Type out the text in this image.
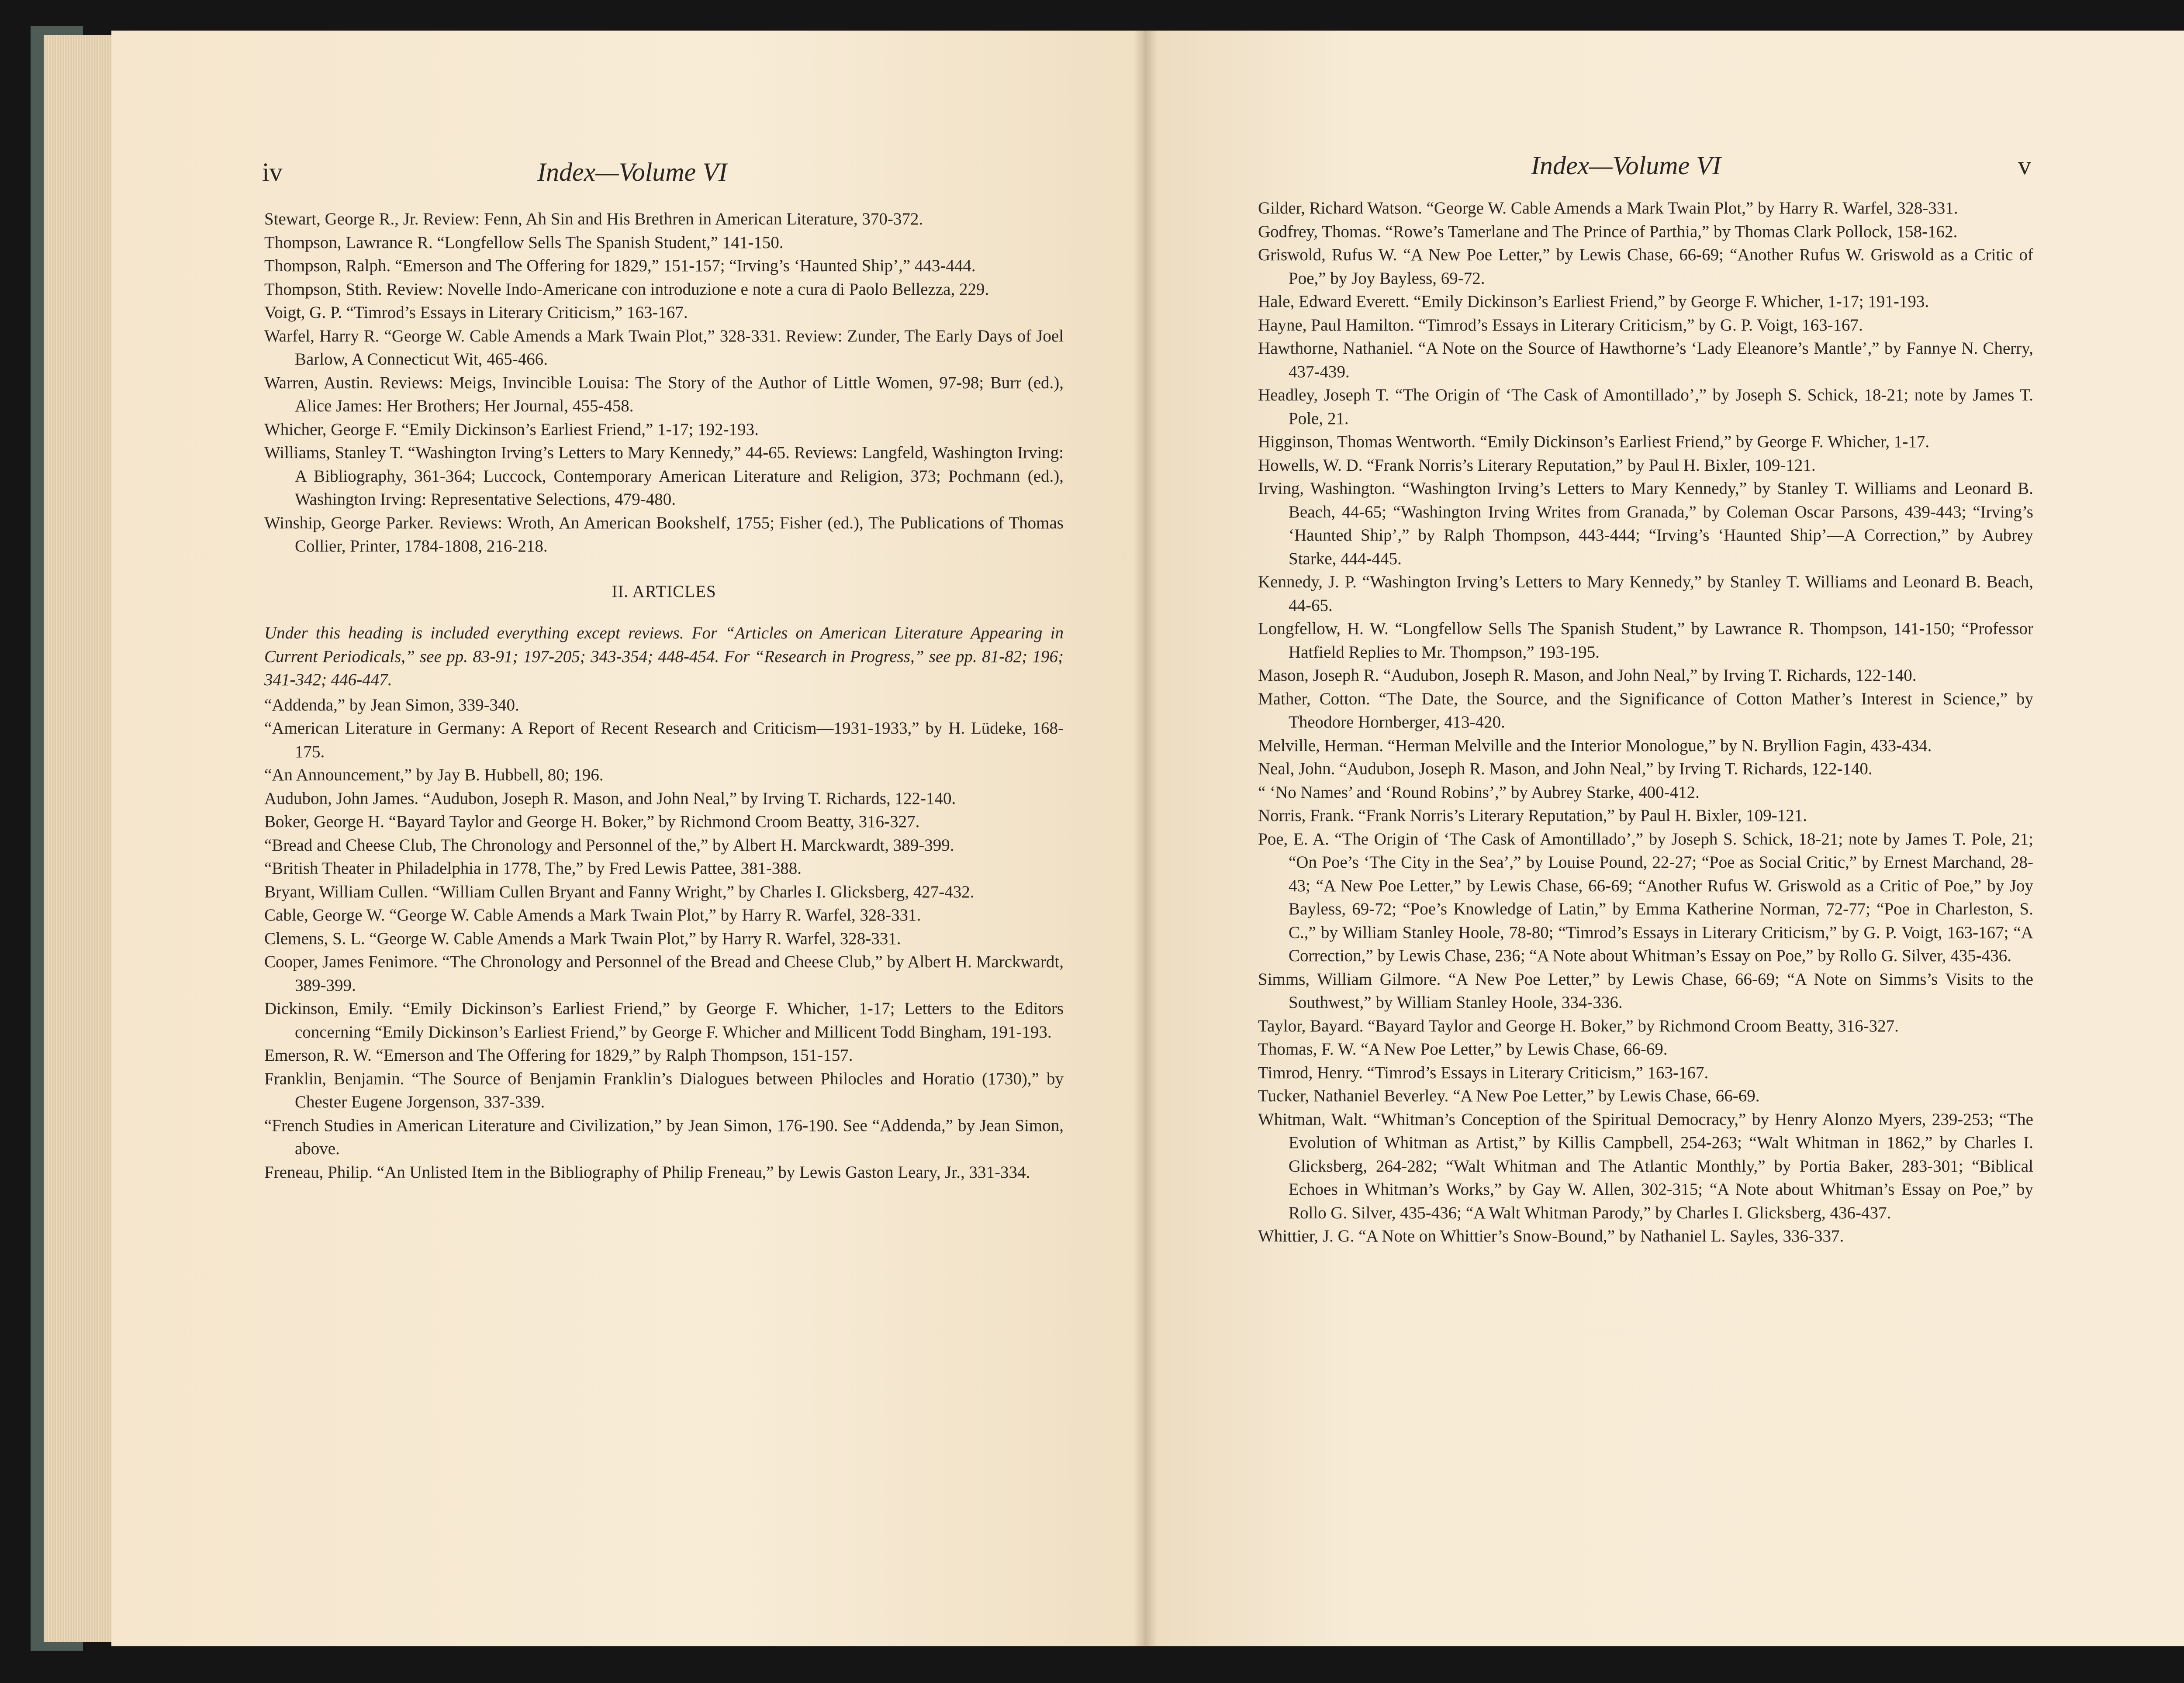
iv	Index—Volume VI

Stewart, George R., Jr. Review: Fenn, Ah Sin and His Brethren in American Literature, 370-372.

Thompson, Lawrance R. “Longfellow Sells The Spanish Student,” 141-150.

Thompson, Ralph. “Emerson and The Offering for 1829,” 151-157; “Irving’s ‘Haunted Ship’,” 443-444.

Thompson, Stith. Review: Novelle Indo-Americane con introduzione e note a cura di Paolo Bellezza, 229.

Voigt, G. P. “Timrod’s Essays in Literary Criticism,” 163-167.

Warfel, Harry R. “George W. Cable Amends a Mark Twain Plot,” 328-331. Review: Zunder, The Early Days of Joel Barlow, A Connecticut Wit, 465-466.

Warren, Austin. Reviews: Meigs, Invincible Louisa: The Story of the Author of Little Women, 97-98; Burr (ed.), Alice James: Her Brothers; Her Journal, 455-458.

Whicher, George F. “Emily Dickinson’s Earliest Friend,” 1-17; 192-193.

Williams, Stanley T. “Washington Irving’s Letters to Mary Kennedy,” 44-65. Reviews: Langfeld, Washington Irving: A Bibliography, 361-364; Luccock, Contemporary American Literature and Religion, 373; Pochmann (ed.), Washington Irving: Representative Selections, 479-480.

Winship, George Parker. Reviews: Wroth, An American Bookshelf, 1755; Fisher (ed.), The Publications of Thomas Collier, Printer, 1784-1808, 216-218.

II. ARTICLES

Under this heading is included everything except reviews. For “Articles on American Literature Appearing in Current Periodicals,” see pp. 83-91; 197-205; 343-354; 448-454. For “Research in Progress,” see pp. 81-82; 196; 341-342; 446-447.

“Addenda,” by Jean Simon, 339-340.

“American Literature in Germany: A Report of Recent Research and Criticism—1931-1933,” by H. Lüdeke, 168-175.

“An Announcement,” by Jay B. Hubbell, 80; 196.

Audubon, John James. “Audubon, Joseph R. Mason, and John Neal,” by Irving T. Richards, 122-140.

Boker, George H. “Bayard Taylor and George H. Boker,” by Richmond Croom Beatty, 316-327.

“Bread and Cheese Club, The Chronology and Personnel of the,” by Albert H. Marckwardt, 389-399.

“British Theater in Philadelphia in 1778, The,” by Fred Lewis Pattee, 381-388.

Bryant, William Cullen. “William Cullen Bryant and Fanny Wright,” by Charles I. Glicksberg, 427-432.

Cable, George W. “George W. Cable Amends a Mark Twain Plot,” by Harry R. Warfel, 328-331.

Clemens, S. L. “George W. Cable Amends a Mark Twain Plot,” by Harry R. Warfel, 328-331.

Cooper, James Fenimore. “The Chronology and Personnel of the Bread and Cheese Club,” by Albert H. Marckwardt, 389-399.

Dickinson, Emily. “Emily Dickinson’s Earliest Friend,” by George F. Whicher, 1-17; Letters to the Editors concerning “Emily Dickinson’s Earliest Friend,” by George F. Whicher and Millicent Todd Bingham, 191-193.

Emerson, R. W. “Emerson and The Offering for 1829,” by Ralph Thompson, 151-157.

Franklin, Benjamin. “The Source of Benjamin Franklin’s Dialogues between Philocles and Horatio (1730),” by Chester Eugene Jorgenson, 337-339.

“French Studies in American Literature and Civilization,” by Jean Simon, 176-190. See “Addenda,” by Jean Simon, above.

Freneau, Philip. “An Unlisted Item in the Bibliography of Philip Freneau,” by Lewis Gaston Leary, Jr., 331-334.

Index—Volume VI	v

Gilder, Richard Watson. “George W. Cable Amends a Mark Twain Plot,” by Harry R. Warfel, 328-331.

Godfrey, Thomas. “Rowe’s Tamerlane and The Prince of Parthia,” by Thomas Clark Pollock, 158-162.

Griswold, Rufus W. “A New Poe Letter,” by Lewis Chase, 66-69; “Another Rufus W. Griswold as a Critic of Poe,” by Joy Bayless, 69-72.

Hale, Edward Everett. “Emily Dickinson’s Earliest Friend,” by George F. Whicher, 1-17; 191-193.

Hayne, Paul Hamilton. “Timrod’s Essays in Literary Criticism,” by G. P. Voigt, 163-167.

Hawthorne, Nathaniel. “A Note on the Source of Hawthorne’s ‘Lady Eleanore’s Mantle’,” by Fannye N. Cherry, 437-439.

Headley, Joseph T. “The Origin of ‘The Cask of Amontillado’,” by Joseph S. Schick, 18-21; note by James T. Pole, 21.

Higginson, Thomas Wentworth. “Emily Dickinson’s Earliest Friend,” by George F. Whicher, 1-17.

Howells, W. D. “Frank Norris’s Literary Reputation,” by Paul H. Bixler, 109-121.

Irving, Washington. “Washington Irving’s Letters to Mary Kennedy,” by Stanley T. Williams and Leonard B. Beach, 44-65; “Washington Irving Writes from Granada,” by Coleman Oscar Parsons, 439-443; “Irving’s ‘Haunted Ship’,” by Ralph Thompson, 443-444; “Irving’s ‘Haunted Ship’—A Correction,” by Aubrey Starke, 444-445.

Kennedy, J. P. “Washington Irving’s Letters to Mary Kennedy,” by Stanley T. Williams and Leonard B. Beach, 44-65.

Longfellow, H. W. “Longfellow Sells The Spanish Student,” by Lawrance R. Thompson, 141-150; “Professor Hatfield Replies to Mr. Thompson,” 193-195.

Mason, Joseph R. “Audubon, Joseph R. Mason, and John Neal,” by Irving T. Richards, 122-140.

Mather, Cotton. “The Date, the Source, and the Significance of Cotton Mather’s Interest in Science,” by Theodore Hornberger, 413-420.

Melville, Herman. “Herman Melville and the Interior Monologue,” by N. Bryllion Fagin, 433-434.

Neal, John. “Audubon, Joseph R. Mason, and John Neal,” by Irving T. Richards, 122-140.

“ ‘No Names’ and ‘Round Robins’,” by Aubrey Starke, 400-412.

Norris, Frank. “Frank Norris’s Literary Reputation,” by Paul H. Bixler, 109-121.

Poe, E. A. “The Origin of ‘The Cask of Amontillado’,” by Joseph S. Schick, 18-21; note by James T. Pole, 21; “On Poe’s ‘The City in the Sea’,” by Louise Pound, 22-27; “Poe as Social Critic,” by Ernest Marchand, 28-43; “A New Poe Letter,” by Lewis Chase, 66-69; “Another Rufus W. Griswold as a Critic of Poe,” by Joy Bayless, 69-72; “Poe’s Knowledge of Latin,” by Emma Katherine Norman, 72-77; “Poe in Charleston, S. C.,” by William Stanley Hoole, 78-80; “Timrod’s Essays in Literary Criticism,” by G. P. Voigt, 163-167; “A Correction,” by Lewis Chase, 236; “A Note about Whitman’s Essay on Poe,” by Rollo G. Silver, 435-436.

Simms, William Gilmore. “A New Poe Letter,” by Lewis Chase, 66-69; “A Note on Simms’s Visits to the Southwest,” by William Stanley Hoole, 334-336.

Taylor, Bayard. “Bayard Taylor and George H. Boker,” by Richmond Croom Beatty, 316-327.

Thomas, F. W. “A New Poe Letter,” by Lewis Chase, 66-69.

Timrod, Henry. “Timrod’s Essays in Literary Criticism,” 163-167.

Tucker, Nathaniel Beverley. “A New Poe Letter,” by Lewis Chase, 66-69.

Whitman, Walt. “Whitman’s Conception of the Spiritual Democracy,” by Henry Alonzo Myers, 239-253; “The Evolution of Whitman as Artist,” by Killis Campbell, 254-263; “Walt Whitman in 1862,” by Charles I. Glicksberg, 264-282; “Walt Whitman and The Atlantic Monthly,” by Portia Baker, 283-301; “Biblical Echoes in Whitman’s Works,” by Gay W. Allen, 302-315; “A Note about Whitman’s Essay on Poe,” by Rollo G. Silver, 435-436; “A Walt Whitman Parody,” by Charles I. Glicksberg, 436-437.

Whittier, J. G. “A Note on Whittier’s Snow-Bound,” by Nathaniel L. Sayles, 336-337.
